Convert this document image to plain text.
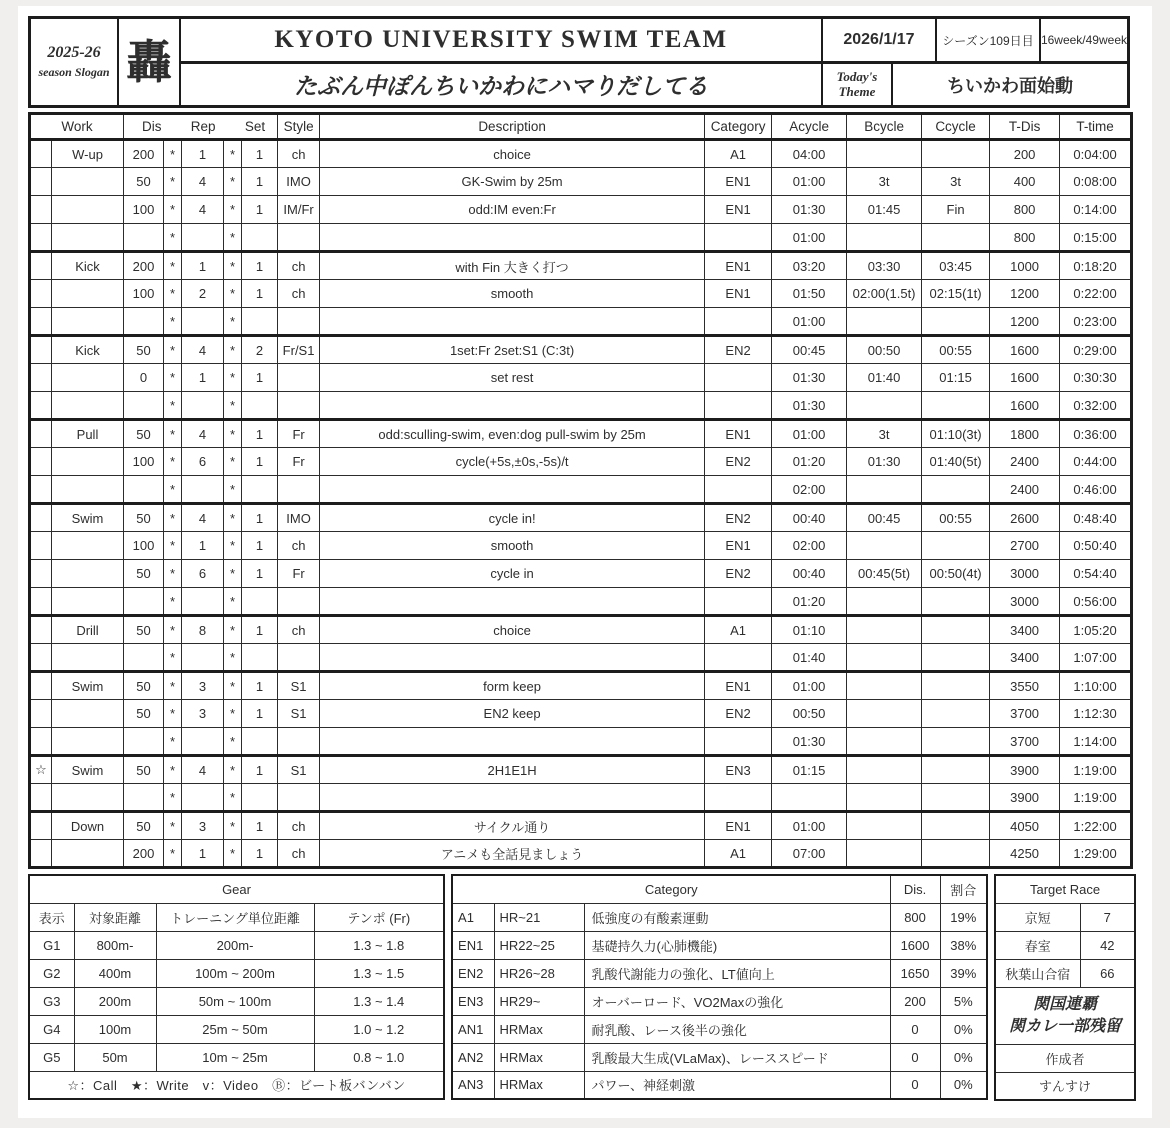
2025-26
season Slogan 轟	KYOTO UNIVERSITY SWIM TEAM
たぶん中ぽんちいかわにハマりだしてる
2026/1/17	シーズン109日目 16week/49week
Today's Theme	ちいかわ面始動
Work		Dis Rep Set					Style	Description	Category	Acycle	Bcycle	Ccycle	T-Dis	T-time
	W-up	200	*	1	*	1	ch	choice	A1	04:00			200	0:04:00
		50	*	4	*	1	IMO	GK-Swim by 25m	EN1	01:00	3t	3t	400	0:08:00
		100	*	4	*	1	IM/Fr	odd:IM even:Fr	EN1	01:30	01:45	Fin	800	0:14:00
			*		*					01:00			800	0:15:00
	Kick	200	*	1	*	1	ch	with Fin 大きく打つ	EN1	03:20	03:30	03:45	1000	0:18:20
		100	*	2	*	1	ch	smooth	EN1	01:50	02:00(1.5t)	02:15(1t)	1200	0:22:00
			*		*					01:00			1200	0:23:00
	Kick	50	*	4	*	2	Fr/S1	1set:Fr 2set:S1 (C:3t)	EN2	00:45	00:50	00:55	1600	0:29:00
		0	*	1	*	1		set rest		01:30	01:40	01:15	1600	0:30:30
			*		*					01:30			1600	0:32:00
	Pull	50	*	4	*	1	Fr	odd:sculling-swim, even:dog pull-swim by 25m	EN1	01:00	3t	01:10(3t)	1800	0:36:00
		100	*	6	*	1	Fr	cycle(+5s,±0s,-5s)/t	EN2	01:20	01:30	01:40(5t)	2400	0:44:00
			*		*					02:00			2400	0:46:00
	Swim	50	*	4	*	1	IMO	cycle in!	EN2	00:40	00:45	00:55	2600	0:48:40
		100	*	1	*	1	ch	smooth	EN1	02:00			2700	0:50:40
		50	*	6	*	1	Fr	cycle in	EN2	00:40	00:45(5t)	00:50(4t)	3000	0:54:40
			*		*					01:20			3000	0:56:00
	Drill	50	*	8	*	1	ch	choice	A1	01:10			3400	1:05:20
			*		*					01:40			3400	1:07:00
	Swim	50	*	3	*	1	S1	form keep	EN1	01:00			3550	1:10:00
		50	*	3	*	1	S1	EN2 keep	EN2	00:50			3700	1:12:30
			*		*					01:30			3700	1:14:00
☆	Swim	50	*	4	*	1	S1	2H1E1H	EN3	01:15			3900	1:19:00
			*		*								3900	1:19:00
	Down	50	*	3	*	1	ch	サイクル通り	EN1	01:00			4050	1:22:00
		200	*	1	*	1	ch	アニメも全話見ましょう	A1	07:00			4250	1:29:00
Gear			
表示	対象距離	トレーニング単位距離	テンポ (Fr)
G1	800m-	200m-	1.3 ~ 1.8
G2	400m	100m ~ 200m	1.3 ~ 1.5
G3	200m	50m ~ 100m	1.3 ~ 1.4
G4	100m	25m ~ 50m	1.0 ~ 1.2
G5	50m	10m ~ 25m	0.8 ~ 1.0
☆：Call　★：Write　v：Video　Ⓑ：ビート板バンバン			
Category			Dis.	割合
A1	HR~21	低強度の有酸素運動	800	19%
EN1	HR22~25	基礎持久力(心肺機能)	1600	38%
EN2	HR26~28	乳酸代謝能力の強化、LT値向上	1650	39%
EN3	HR29~	オーバーロード、VO2Maxの強化	200	5%
AN1	HRMax	耐乳酸、レース後半の強化	0	0%
AN2	HRMax	乳酸最大生成(VLaMax)、レーススピード	0	0%
AN3	HRMax	パワー、神経刺激	0	0%
Target Race	
京短	7
春室	42
秋葉山合宿	66

関国連覇
関カレ一部残留	

作成者	
すんすけ	
